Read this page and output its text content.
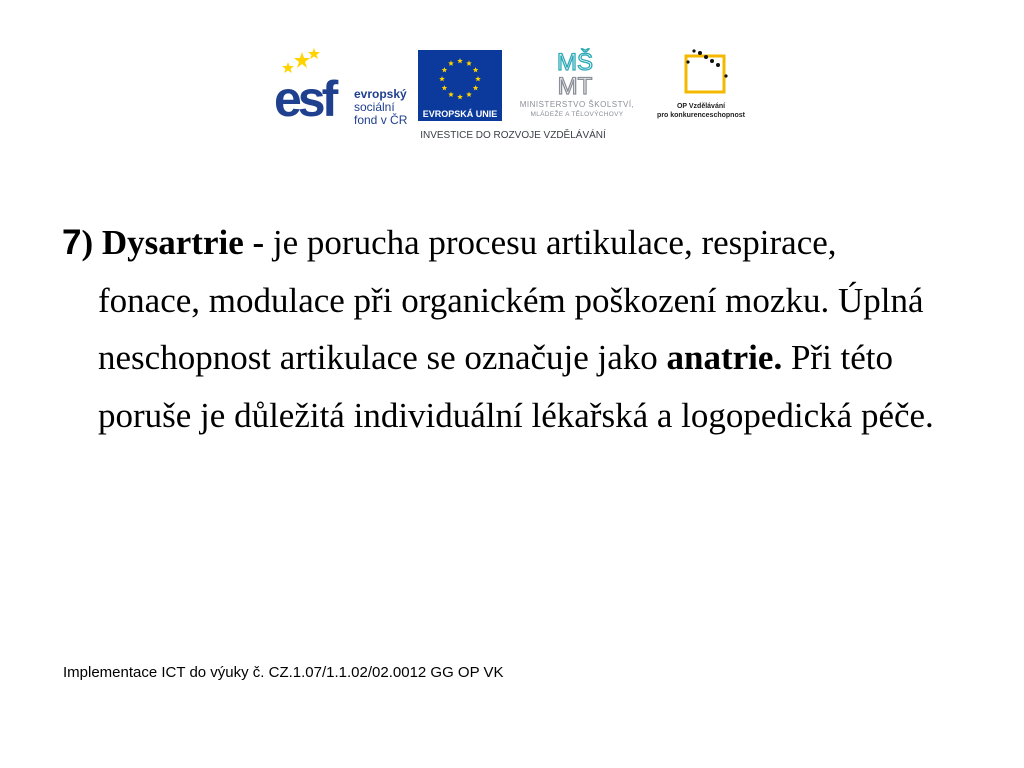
esf	evropský
sociální
fond v ČR	EVROPSKÁ UNIE
MŠ
MT
MINISTERSTVO ŠKOLSTVÍ,
MLÁDEŽE A TĚLOVÝCHOVY
OP Vzdělávání
pro konkurenceschopnost
INVESTICE DO ROZVOJE VZDĚLÁVÁNÍ

7) Dysartrie - je porucha procesu artikulace, respirace, fonace, modulace při organickém poškození mozku. Úplná neschopnost artikulace se označuje jako anatrie. Při této poruše je důležitá individuální lékařská a logopedická péče.

Implementace ICT do výuky č. CZ.1.07/1.1.02/02.0012 GG OP VK
